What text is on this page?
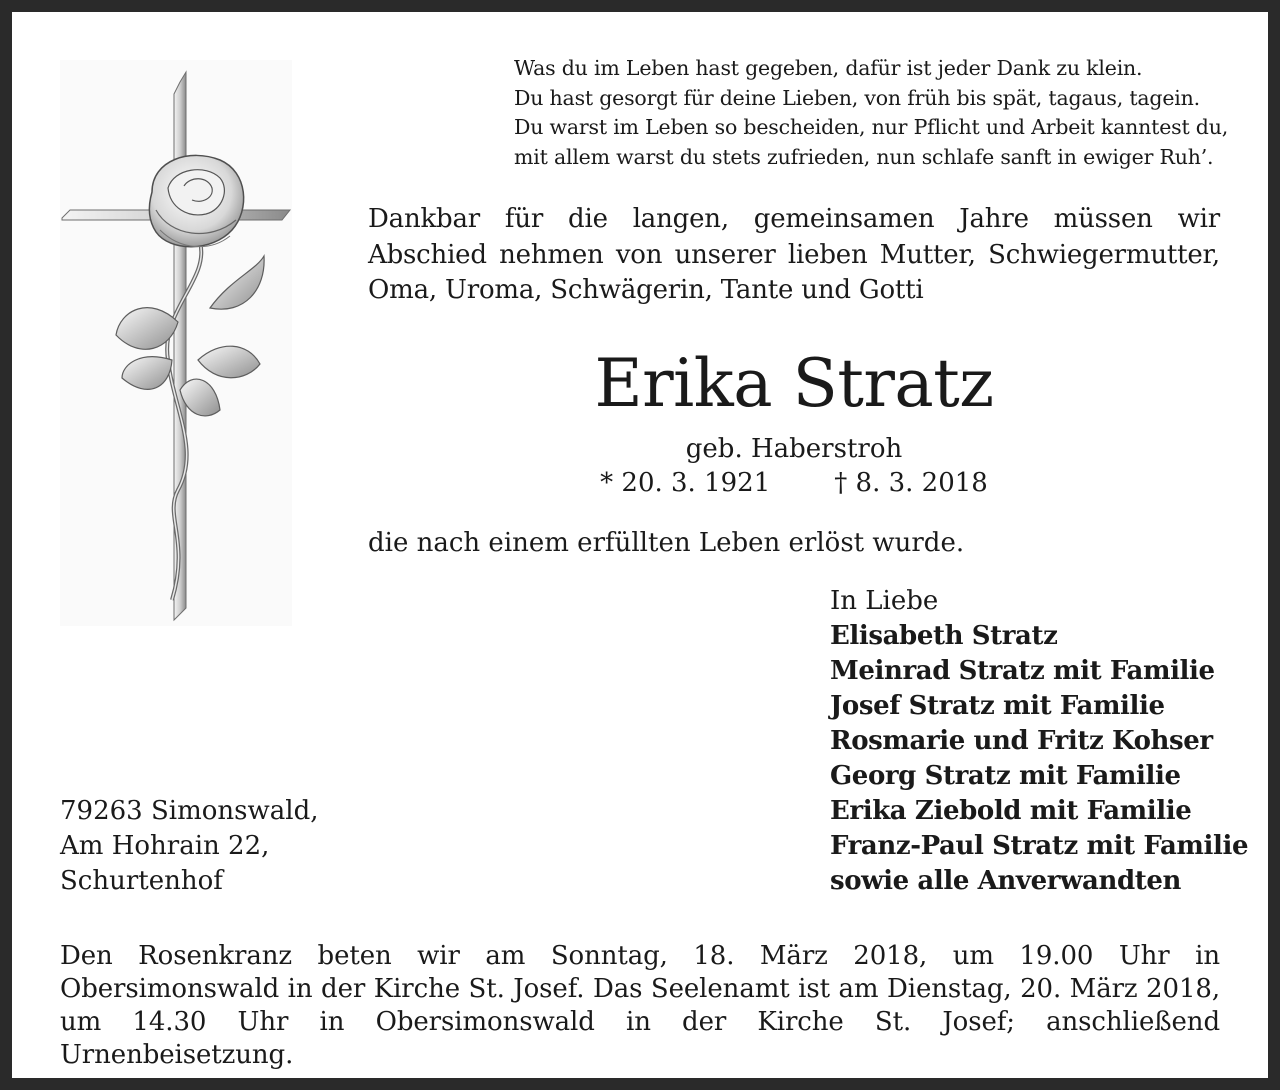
Was du im Leben hast gegeben, dafür ist jeder Dank zu klein.
Du hast gesorgt für deine Lieben, von früh bis spät, tagaus, tagein.
Du warst im Leben so bescheiden, nur Pflicht und Arbeit kanntest du,
mit allem warst du stets zufrieden, nun schlafe sanft in ewiger Ruh’.
Dankbar für die langen, gemeinsamen Jahre müssen wir Abschied nehmen von unserer lieben Mutter, Schwiegermutter, Oma, Uroma, Schwägerin, Tante und Gotti
Erika Stratz
geb. Haberstroh
* 20. 3. 1921 † 8. 3. 2018
die nach einem erfüllten Leben erlöst wurde.
In Liebe
Elisabeth Stratz
Meinrad Stratz mit Familie
Josef Stratz mit Familie
Rosmarie und Fritz Kohser
Georg Stratz mit Familie
Erika Ziebold mit Familie
Franz-Paul Stratz mit Familie
sowie alle Anverwandten
79263 Simonswald,
Am Hohrain 22,
Schurtenhof
Den Rosenkranz beten wir am Sonntag, 18. März 2018, um 19.00 Uhr in Obersimonswald in der Kirche St. Josef. Das Seelenamt ist am Dienstag, 20. März 2018, um 14.30 Uhr in Obersimonswald in der Kirche St. Josef; anschließend Urnenbeisetzung.
